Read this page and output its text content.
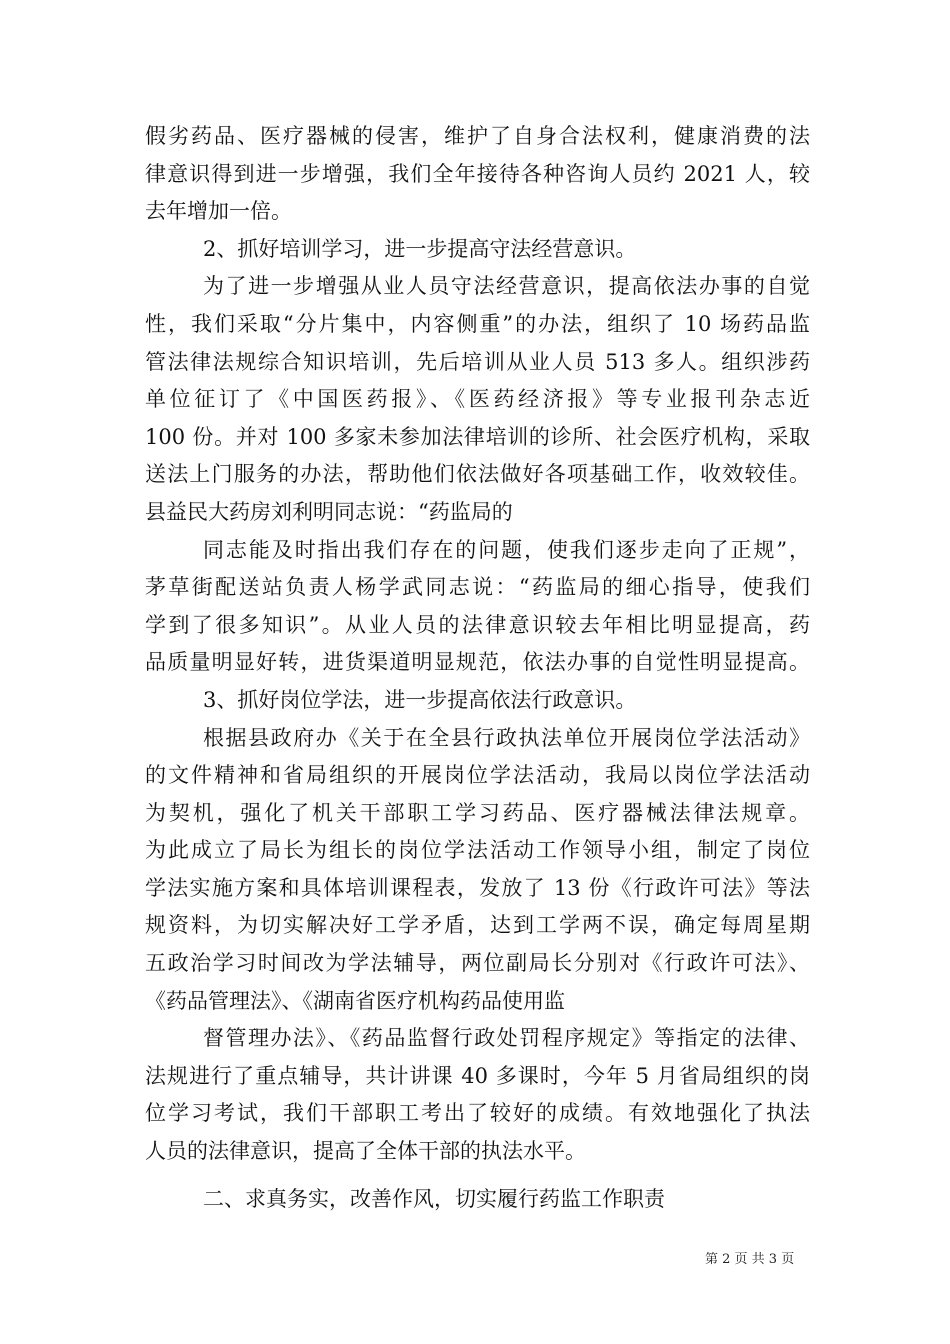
假劣药品、医疗器械的侵害，维护了自身合法权利，健康消费的法
律意识得到进一步增强，我们全年接待各种咨询人员约 2021 人，较
去年增加一倍。
2、抓好培训学习，进一步提高守法经营意识。
为了进一步增强从业人员守法经营意识，提高依法办事的自觉
性，我们采取“分片集中，内容侧重”的办法，组织了 10 场药品监
管法律法规综合知识培训，先后培训从业人员 513 多人。组织涉药
单位征订了《中国医药报》、《医药经济报》等专业报刊杂志近
100 份。并对 100 多家未参加法律培训的诊所、社会医疗机构，采取
送法上门服务的办法，帮助他们依法做好各项基础工作，收效较佳。
县益民大药房刘利明同志说：“药监局的
同志能及时指出我们存在的问题，使我们逐步走向了正规”，
茅草街配送站负责人杨学武同志说：“药监局的细心指导，使我们
学到了很多知识”。从业人员的法律意识较去年相比明显提高，药
品质量明显好转，进货渠道明显规范，依法办事的自觉性明显提高。
3、抓好岗位学法，进一步提高依法行政意识。
根据县政府办《关于在全县行政执法单位开展岗位学法活动》
的文件精神和省局组织的开展岗位学法活动，我局以岗位学法活动
为契机，强化了机关干部职工学习药品、医疗器械法律法规章。
为此成立了局长为组长的岗位学法活动工作领导小组，制定了岗位
学法实施方案和具体培训课程表，发放了 13 份《行政许可法》等法
规资料，为切实解决好工学矛盾，达到工学两不误，确定每周星期
五政治学习时间改为学法辅导，两位副局长分别对《行政许可法》、
《药品管理法》、《湖南省医疗机构药品使用监
督管理办法》、《药品监督行政处罚程序规定》等指定的法律、
法规进行了重点辅导，共计讲课 40 多课时，今年 5 月省局组织的岗
位学习考试，我们干部职工考出了较好的成绩。有效地强化了执法
人员的法律意识，提高了全体干部的执法水平。
二、求真务实，改善作风，切实履行药监工作职责
第 2 页 共 3 页
